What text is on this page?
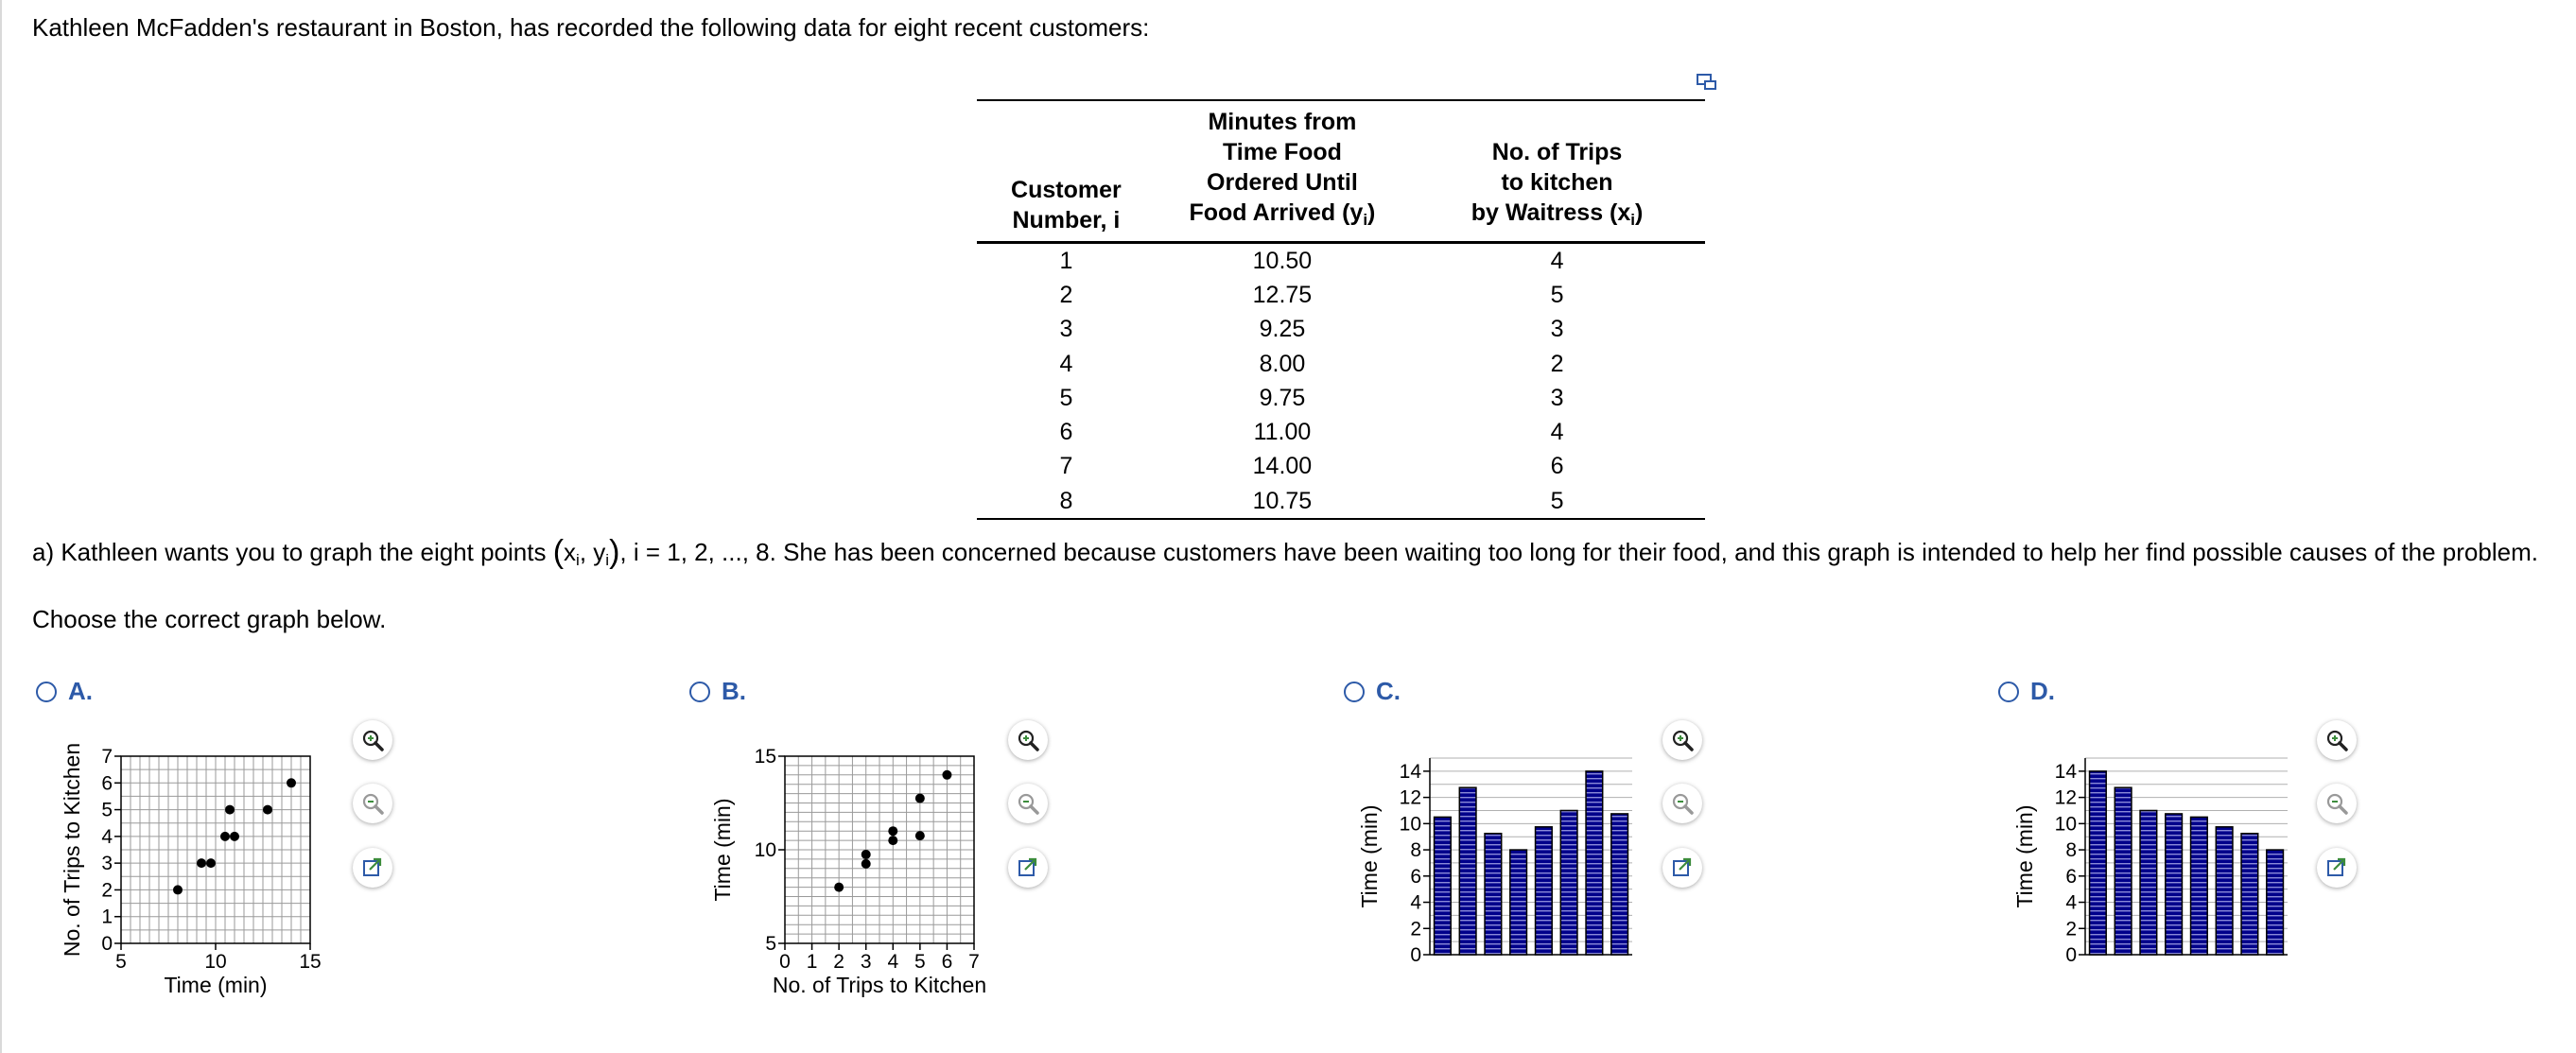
Kathleen McFadden's restaurant in Boston, has recorded the following data for eight recent customers:
Customer
Number, i	Minutes from
Time Food
Ordered Until
Food Arrived $(y_i)$	No. of Trips
to kitchen
by Waitress $(x_i)$
1	10.50	4
2	12.75	5
3	9.25	3
4	8.00	2
5	9.75	3
6	11.00	4
7	14.00	6
8	10.75	5
a) Kathleen wants you to graph the eight points ($x_i$, $y_i$), i = 1, 2, ..., 8. She has been concerned because customers have been waiting too long for their food, and this graph is intended to help her find possible causes of the problem.
Choose the correct graph below.
A.	B.	C.	D.
5	10	15
0
1
2
3
4
5
6
7
Time (min)
No. of Trips to Kitchen
0 1 2 3 4 5 6 7
5
10
15
No. of Trips to Kitchen
Time (min)
0
2
4
6
8
10
12
14
Time (min)
0
2
4
6
8
10
12
14
Time (min)
